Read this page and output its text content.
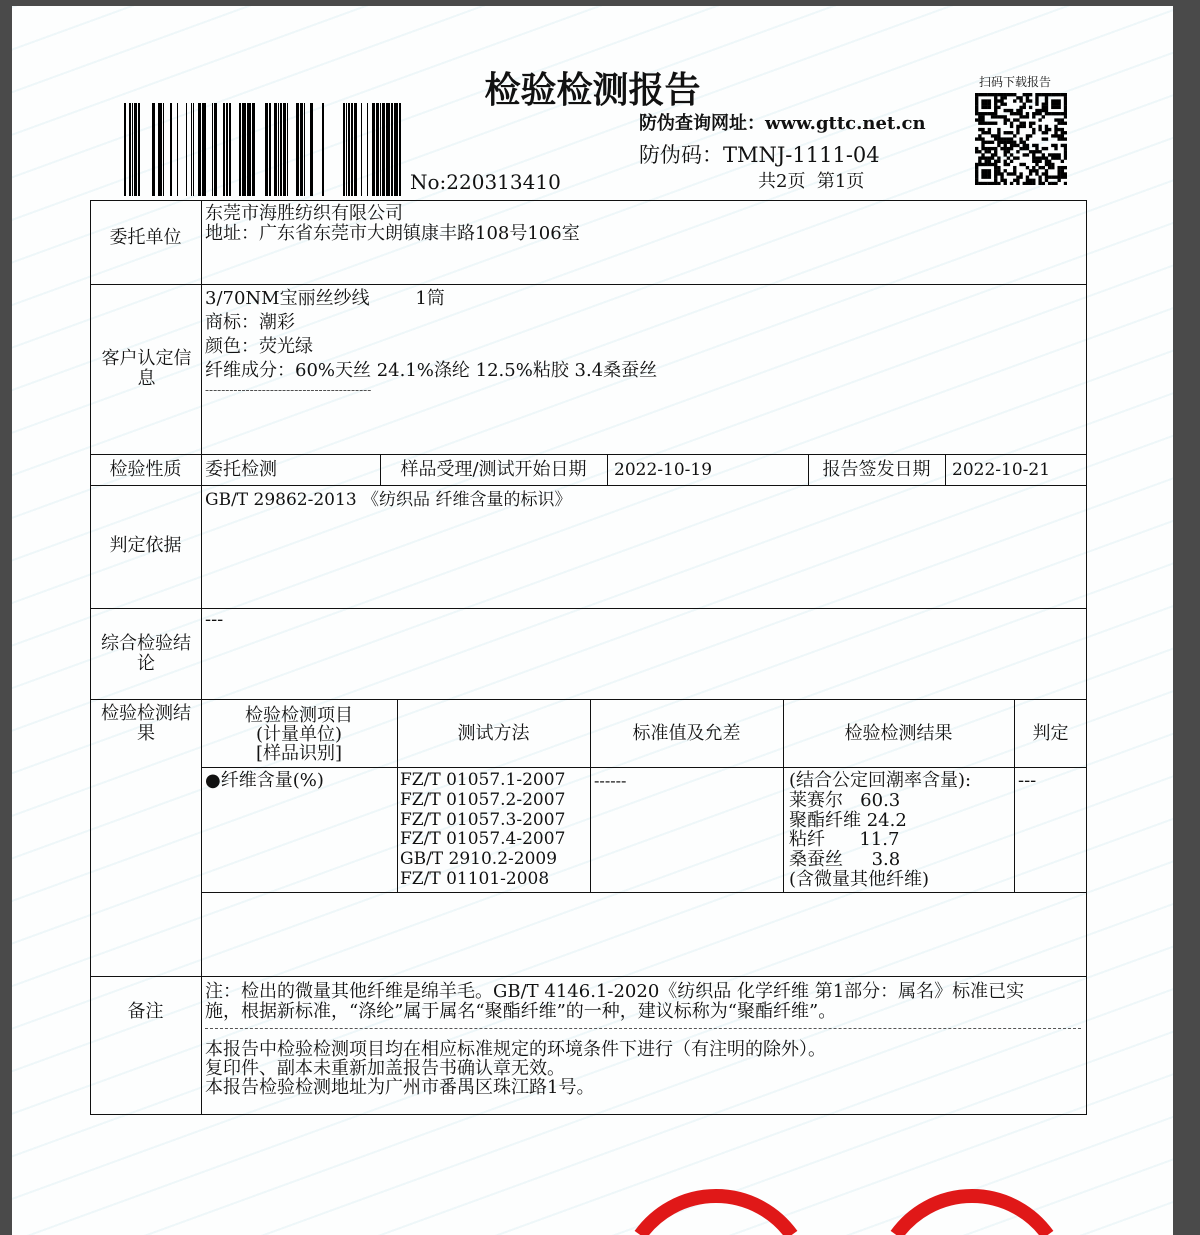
检验检测报告
No:220313410
防伪查询网址：www.gttc.net.cn
防伪码：TMNJ-1111-04
共2页  第1页
扫码下载报告
委托单位
东莞市海胜纺织有限公司
地址：广东省东莞市大朗镇康丰路108号106室
客户认定信息
3/70NM宝丽丝纱线        1筒
商标：潮彩
颜色：荧光绿
纤维成分：60%天丝 24.1%涤纶 12.5%粘胶 3.4桑蚕丝
-----------------------------------------
检验性质	委托检测	样品受理/测试开始日期	2022-10-19	报告签发日期	2022-10-21
判定依据
GB/T 29862-2013 《纺织品 纤维含量的标识》
综合检验结论
---
检验检测结果
检验检测项目
(计量单位)
[样品识别]
测试方法	标准值及允差	检验检测结果	判定
●纤维含量(%)	FZ/T 01057.1-2007
FZ/T 01057.2-2007
FZ/T 01057.3-2007
FZ/T 01057.4-2007
GB/T 2910.2-2009
FZ/T 01101-2008
------	(结合公定回潮率含量):
莱赛尔   60.3
聚酯纤维 24.2
粘纤      11.7
桑蚕丝     3.8
(含微量其他纤维)
---
备注
注：检出的微量其他纤维是绵羊毛。GB/T 4146.1-2020《纺织品 化学纤维 第1部分：属名》标准已实
施，根据新标准，“涤纶”属于属名“聚酯纤维”的一种，建议标称为“聚酯纤维”。
本报告中检验检测项目均在相应标准规定的环境条件下进行（有注明的除外）。
复印件、副本未重新加盖报告书确认章无效。
本报告检验检测地址为广州市番禺区珠江路1号。
